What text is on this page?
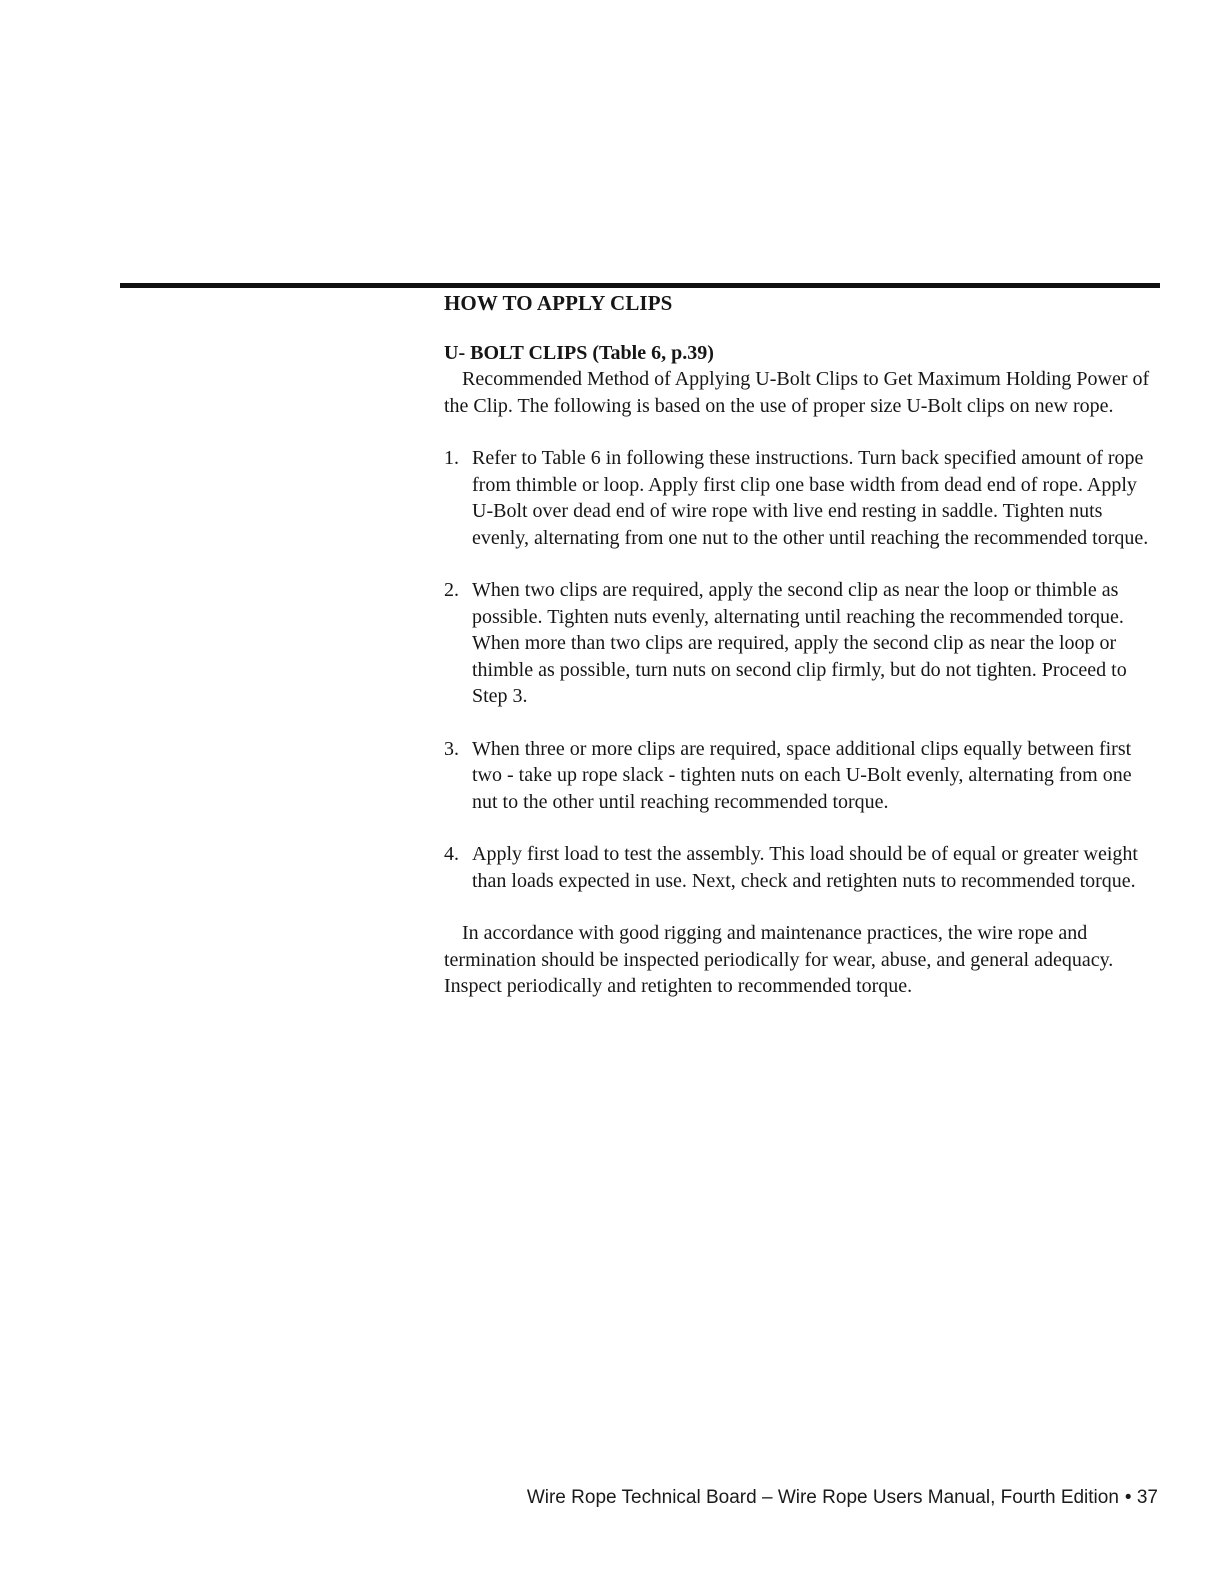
HOW TO APPLY CLIPS
U- BOLT CLIPS (Table 6, p.39)

Recommended Method of Applying U-Bolt Clips to Get Maximum Holding Power of the Clip. The following is based on the use of proper size U-Bolt clips on new rope.

1. Refer to Table 6 in following these instructions. Turn back specified amount of rope from thimble or loop. Apply first clip one base width from dead end of rope. Apply U-Bolt over dead end of wire rope with live end resting in saddle. Tighten nuts evenly, alternating from one nut to the other until reaching the recommended torque.
2. When two clips are required, apply the second clip as near the loop or thimble as possible. Tighten nuts evenly, alternating until reaching the recommended torque. When more than two clips are required, apply the second clip as near the loop or thimble as possible, turn nuts on second clip firmly, but do not tighten. Proceed to Step 3.
3. When three or more clips are required, space additional clips equally between first two - take up rope slack - tighten nuts on each U-Bolt evenly, alternating from one nut to the other until reaching recommended torque.
4. Apply first load to test the assembly. This load should be of equal or greater weight than loads expected in use. Next, check and retighten nuts to recommended torque.

In accordance with good rigging and maintenance practices, the wire rope and termination should be inspected periodically for wear, abuse, and general adequacy. Inspect periodically and retighten to recommended torque.

Wire Rope Technical Board – Wire Rope Users Manual, Fourth Edition • 37
